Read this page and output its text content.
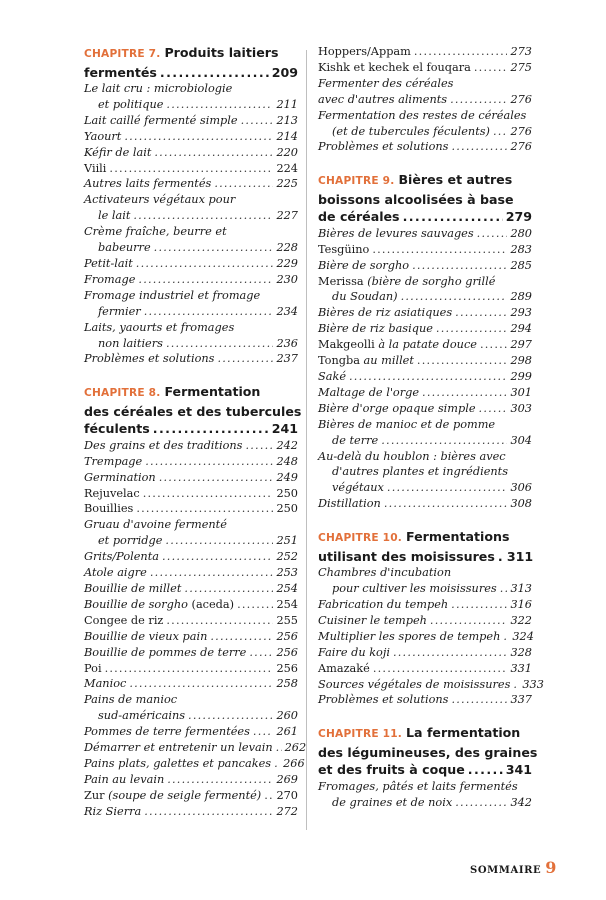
CHAPITRE 7. Produits laitiers
fermentés .....	209
Le lait cru : microbiologie
et politique .....	211
Lait caillé fermenté simple .....	213
Yaourt .....	214
Kéfir de lait .....	220
Viili .....	224
Autres laits fermentés .....	225
Activateurs végétaux pour
le lait .....	227
Crème fraîche, beurre et
babeurre .....	228
Petit-lait .....	229
Fromage .....	230
Fromage industriel et fromage
fermier .....	234
Laits, yaourts et fromages
non laitiers .....	236
Problèmes et solutions .....	237
CHAPITRE 8. Fermentation
des céréales et des tubercules
féculents .....	241
Des grains et des traditions .....	242
Trempage .....	248
Germination .....	249
Rejuvelac .....	250
Bouillies .....	250
Gruau d'avoine fermenté
et porridge .....	251
Grits/Polenta .....	252
Atole aigre .....	253
Bouillie de millet .....	254
Bouillie de sorgho (aceda) .....	254
Congee de riz .....	255
Bouillie de vieux pain .....	256
Bouillie de pommes de terre .....	256
Poi .....	256
Manioc .....	258
Pains de manioc
sud-américains .....	260
Pommes de terre fermentées ..... 261
Démarrer et entretenir un levain ..... 262
Pains plats, galettes et pancakes ..... 266
Pain au levain .....	269
Zur (soupe de seigle fermenté) ..... 270
Riz Sierra .....	272
Hoppers/Appam .....	273
Kishk et kechek el fouqara .....	275
Fermenter des céréales
avec d'autres aliments .....	276
Fermentation des restes de céréales
(et de tubercules féculents) ..... 276
Problèmes et solutions .....	276
CHAPITRE 9. Bières et autres
boissons alcoolisées à base
de céréales .....	279
Bières de levures sauvages .....	280
Tesgüino .....	283
Bière de sorgho .....	285
Merissa (bière de sorgho grillé
du Soudan) .....	289
Bières de riz asiatiques .....	293
Bière de riz basique .....	294
Makgeolli à la patate douce .....	297
Tongba au millet .....	298
Saké .....	299
Maltage de l'orge .....	301
Bière d'orge opaque simple .....	303
Bières de manioc et de pomme
de terre .....	304
Au-delà du houblon : bières avec
d'autres plantes et ingrédients
végétaux .....	306
Distillation .....	308
CHAPITRE 10. Fermentations
utilisant des moisissures ..... 311
Chambres d'incubation
pour cultiver les moisissures ..... 313
Fabrication du tempeh .....	316
Cuisiner le tempeh .....	322
Multiplier les spores de tempeh ..... 324
Faire du koji .....	328
Amazaké .....	331
Sources végétales de moisissures ..... 333
Problèmes et solutions .....	337
CHAPITRE 11. La fermentation
des légumineuses, des graines
et des fruits à coque .....	341
Fromages, pâtés et laits fermentés
de graines et de noix .....	342
SOMMAIRE 9
